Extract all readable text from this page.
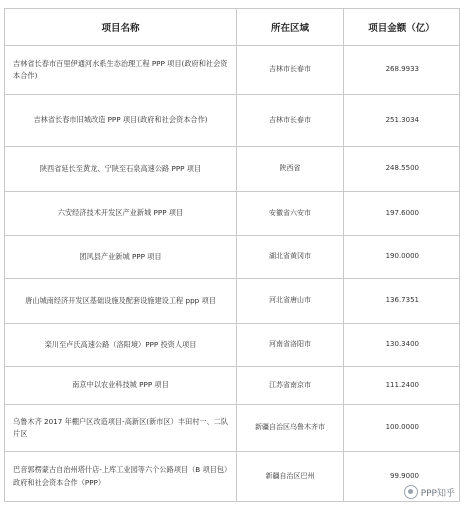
项目名称	所在区域	项目金额（亿）
吉林省长春市百里伊通河水系生态治理工程 PPP 项目(政府和社会资本合作)	吉林市长春市	268.9933
吉林省长春市旧城改造 PPP 项目(政府和社会资本合作)	吉林市长春市	251.3034
陕西省延长至黄龙、宁陕至石泉高速公路 PPP 项目	陕西省	248.5500
六安经济技术开发区产业新城 PPP 项目	安徽省六安市	197.6000
团风县产业新城 PPP 项目	湖北省黄冈市	190.0000
唐山城南经济开发区基础设施及配套设施建设工程 ppp 项目	河北省唐山市	136.7351
栾川至卢氏高速公路（洛阳境）PPP 投资人项目	河南省洛阳市	130.3400
南京中以农业科技城 PPP 项目	江苏省南京市	111.2400
乌鲁木齐 2017 年棚户区改造项目-高新区(新市区）丰田村一、二队片区	新疆自治区乌鲁木齐市	100.0000
巴音郭楞蒙古自治州塔什店-上库工业园等六个公路项目（B 项目包）政府和社会资本合作（PPP）	新疆自治区巴州	99.9000
PPP知乎
